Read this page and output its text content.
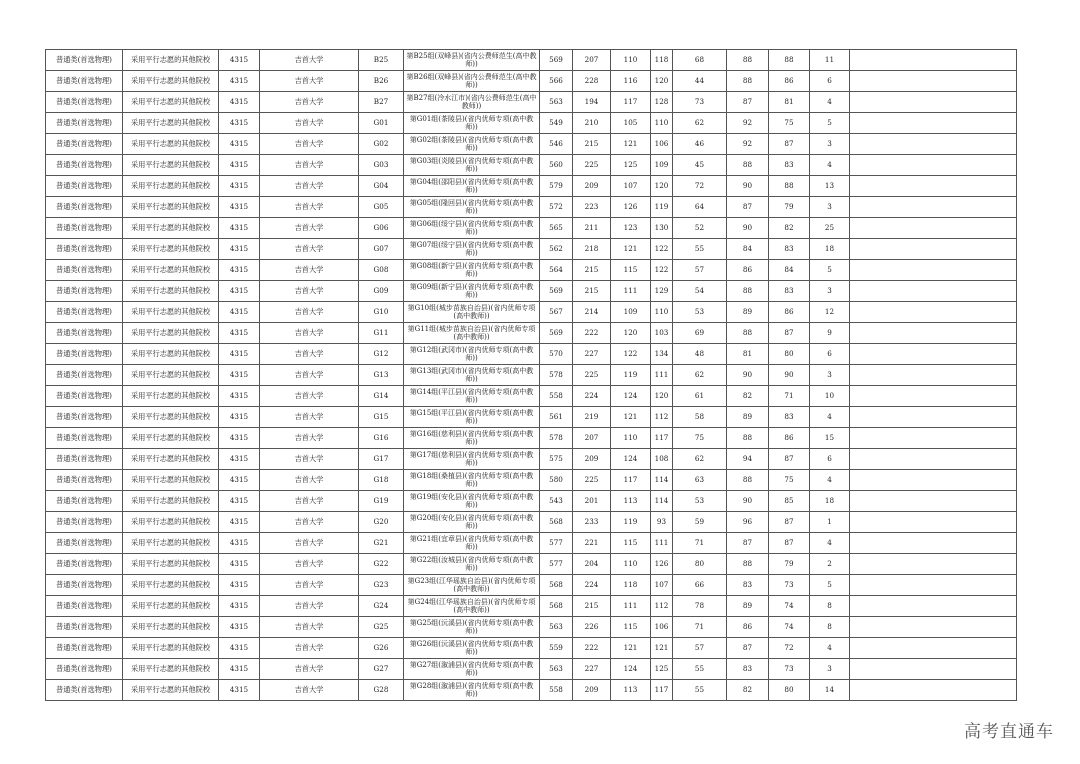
普通类(首选物理)	采用平行志愿的其他院校	4315	吉首大学	B25	第B25组(双峰县)(省内公费师范生(高中教师))	569	207	110	118	68	88	88	11	
普通类(首选物理)	采用平行志愿的其他院校	4315	吉首大学	B26	第B26组(双峰县)(省内公费师范生(高中教师))	566	228	116	120	44	88	86	6	
普通类(首选物理)	采用平行志愿的其他院校	4315	吉首大学	B27	第B27组(冷水江市)(省内公费师范生(高中教师))	563	194	117	128	73	87	81	4	
普通类(首选物理)	采用平行志愿的其他院校	4315	吉首大学	G01	第G01组(茶陵县)(省内优师专项(高中教师))	549	210	105	110	62	92	75	5	
普通类(首选物理)	采用平行志愿的其他院校	4315	吉首大学	G02	第G02组(茶陵县)(省内优师专项(高中教师))	546	215	121	106	46	92	87	3	
普通类(首选物理)	采用平行志愿的其他院校	4315	吉首大学	G03	第G03组(炎陵县)(省内优师专项(高中教师))	560	225	125	109	45	88	83	4	
普通类(首选物理)	采用平行志愿的其他院校	4315	吉首大学	G04	第G04组(邵阳县)(省内优师专项(高中教师))	579	209	107	120	72	90	88	13	
普通类(首选物理)	采用平行志愿的其他院校	4315	吉首大学	G05	第G05组(隆回县)(省内优师专项(高中教师))	572	223	126	119	64	87	79	3	
普通类(首选物理)	采用平行志愿的其他院校	4315	吉首大学	G06	第G06组(绥宁县)(省内优师专项(高中教师))	565	211	123	130	52	90	82	25	
普通类(首选物理)	采用平行志愿的其他院校	4315	吉首大学	G07	第G07组(绥宁县)(省内优师专项(高中教师))	562	218	121	122	55	84	83	18	
普通类(首选物理)	采用平行志愿的其他院校	4315	吉首大学	G08	第G08组(新宁县)(省内优师专项(高中教师))	564	215	115	122	57	86	84	5	
普通类(首选物理)	采用平行志愿的其他院校	4315	吉首大学	G09	第G09组(新宁县)(省内优师专项(高中教师))	569	215	111	129	54	88	83	3	
普通类(首选物理)	采用平行志愿的其他院校	4315	吉首大学	G10	第G10组(城步苗族自治县)(省内优师专项(高中教师))	567	214	109	110	53	89	86	12	
普通类(首选物理)	采用平行志愿的其他院校	4315	吉首大学	G11	第G11组(城步苗族自治县)(省内优师专项(高中教师))	569	222	120	103	69	88	87	9	
普通类(首选物理)	采用平行志愿的其他院校	4315	吉首大学	G12	第G12组(武冈市)(省内优师专项(高中教师))	570	227	122	134	48	81	80	6	
普通类(首选物理)	采用平行志愿的其他院校	4315	吉首大学	G13	第G13组(武冈市)(省内优师专项(高中教师))	578	225	119	111	62	90	90	3	
普通类(首选物理)	采用平行志愿的其他院校	4315	吉首大学	G14	第G14组(平江县)(省内优师专项(高中教师))	558	224	124	120	61	82	71	10	
普通类(首选物理)	采用平行志愿的其他院校	4315	吉首大学	G15	第G15组(平江县)(省内优师专项(高中教师))	561	219	121	112	58	89	83	4	
普通类(首选物理)	采用平行志愿的其他院校	4315	吉首大学	G16	第G16组(慈利县)(省内优师专项(高中教师))	578	207	110	117	75	88	86	15	
普通类(首选物理)	采用平行志愿的其他院校	4315	吉首大学	G17	第G17组(慈利县)(省内优师专项(高中教师))	575	209	124	108	62	94	87	6	
普通类(首选物理)	采用平行志愿的其他院校	4315	吉首大学	G18	第G18组(桑植县)(省内优师专项(高中教师))	580	225	117	114	63	88	75	4	
普通类(首选物理)	采用平行志愿的其他院校	4315	吉首大学	G19	第G19组(安化县)(省内优师专项(高中教师))	543	201	113	114	53	90	85	18	
普通类(首选物理)	采用平行志愿的其他院校	4315	吉首大学	G20	第G20组(安化县)(省内优师专项(高中教师))	568	233	119	93	59	96	87	1	
普通类(首选物理)	采用平行志愿的其他院校	4315	吉首大学	G21	第G21组(宜章县)(省内优师专项(高中教师))	577	221	115	111	71	87	87	4	
普通类(首选物理)	采用平行志愿的其他院校	4315	吉首大学	G22	第G22组(汝城县)(省内优师专项(高中教师))	577	204	110	126	80	88	79	2	
普通类(首选物理)	采用平行志愿的其他院校	4315	吉首大学	G23	第G23组(江华瑶族自治县)(省内优师专项(高中教师))	568	224	118	107	66	83	73	5	
普通类(首选物理)	采用平行志愿的其他院校	4315	吉首大学	G24	第G24组(江华瑶族自治县)(省内优师专项(高中教师))	568	215	111	112	78	89	74	8	
普通类(首选物理)	采用平行志愿的其他院校	4315	吉首大学	G25	第G25组(沅溪县)(省内优师专项(高中教师))	563	226	115	106	71	86	74	8	
普通类(首选物理)	采用平行志愿的其他院校	4315	吉首大学	G26	第G26组(沅溪县)(省内优师专项(高中教师))	559	222	121	121	57	87	72	4	
普通类(首选物理)	采用平行志愿的其他院校	4315	吉首大学	G27	第G27组(溆浦县)(省内优师专项(高中教师))	563	227	124	125	55	83	73	3	
普通类(首选物理)	采用平行志愿的其他院校	4315	吉首大学	G28	第G28组(溆浦县)(省内优师专项(高中教师))	558	209	113	117	55	82	80	14	
高考直通车
